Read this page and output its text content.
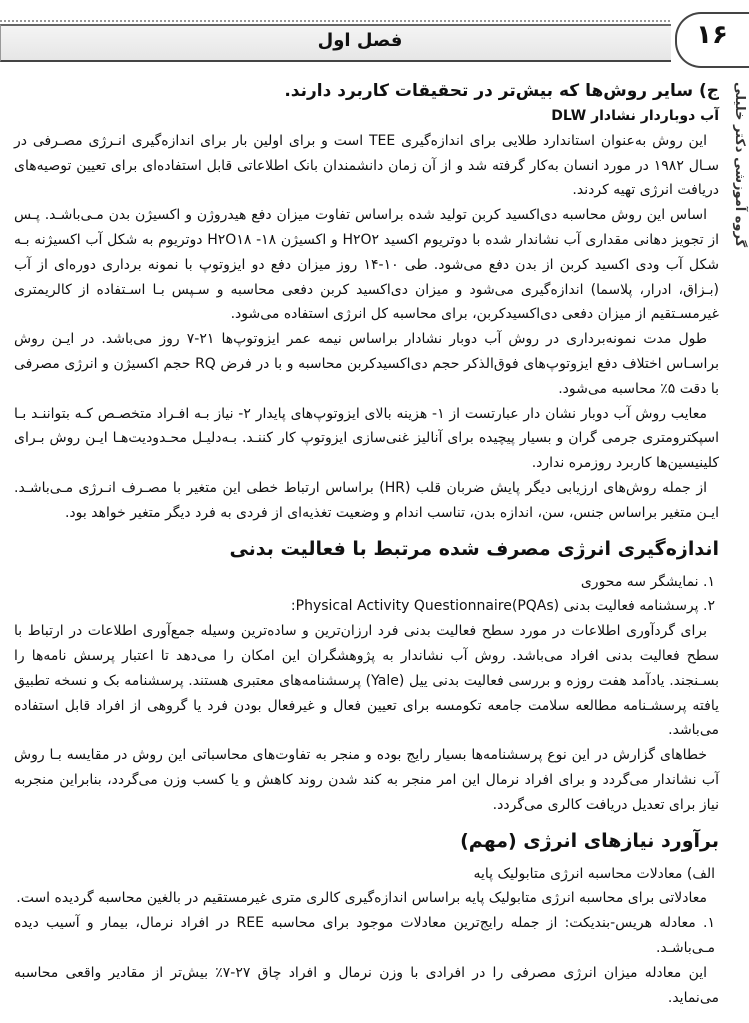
فصل اول	۱۶
گروه آموزشی دکتر خلیلی
ج) سایر روش‌ها که بیش‌تر در تحقیقات کاربرد دارند.
آب دوبار‌دار نشادار DLW

این روش به‌عنوان استاندارد طلایی برای اندازه‌گیری TEE است و برای اولین بار برای اندازه‌گیری انـرژی مصـرفی در سـال ۱۹۸۲ در مورد انسان به‌کار گرفته شد و از آن زمان دانشمندان بانک اطلاعاتی قابل استفاده‌ای برای تعیین توصیه‌های دریافت انرژی تهیه کردند.

اساس این روش محاسبه دی‌اکسید کربن تولید شده براساس تفاوت میزان دفع هیدروژن و اکسیژن بدن مـی‌باشـد. پـس از تجویز دهانی مقداری آب نشاندار شده با دوتریوم اکسید H۲O۲ و اکسیژن ۱۸- H۲O۱۸ دوتریوم به شکل آب اکسیژنه بـه شکل آب ودی اکسید کربن از بدن دفع می‌شود. طی ۱۰-۱۴ روز میزان دفع دو ایزوتوپ با نمونه برداری دوره‌ای از آب (بـزاق، ادرار، پلاسما) اندازه‌گیری می‌شود و میزان دی‌اکسید کربن دفعی محاسبه و سـپس بـا اسـتفاده از کالریمتری غیرمسـتقیم از میزان دفعی دی‌اکسیدکربن، برای محاسبه کل انرژی استفاده می‌شود.

طول مدت نمونه‌برداری در روش آب دوبار نشادار براساس نیمه عمر ایزوتوپ‌ها ۲۱-۷ روز می‌باشد. در ایـن روش براسـاس اختلاف دفع ایزوتوپ‌های فوق‌الذکر حجم دی‌اکسیدکربن محاسبه و با در فرض RQ حجم اکسیژن و انرژی مصرفی با دقت ۵٪ محاسبه می‌شود.

معایب روش آب دوبار نشان دار عبارتست از ۱- هزینه بالای ایزوتوپ‌های پایدار ۲- نیاز بـه افـراد متخصـص کـه بتواننـد بـا اسپکترومتری جرمی گران و بسیار پیچیده برای آنالیز غنی‌سازی ایزوتوپ کار کننـد. بـه‌دلیـل محـدودیت‌هـا ایـن روش بـرای کلینیسین‌ها کاربرد روزمره ندارد.

از جمله روش‌های ارزیابی دیگر پایش ضربان قلب (HR) براساس ارتباط خطی این متغیر با مصـرف انـرژی مـی‌باشـد. ایـن متغیر براساس جنس، سن، اندازه بدن، تناسب اندام و وضعیت تغذیه‌ای از فردی به فرد دیگر متغیر خواهد بود.

اندازه‌گیری انرژی مصرف شده مرتبط با فعالیت بدنی
۱. نمایشگر سه محوری
۲. پرسشنامه فعالیت بدنی Physical Activity Questionnaire(PQAs):

برای گردآوری اطلاعات در مورد سطح فعالیت بدنی فرد ارزان‌ترین و ساده‌ترین وسیله جمع‌آوری اطلاعات در ارتباط با سطح فعالیت بدنی افراد می‌باشد. روش آب نشاندار به پژوهشگران این امکان را می‌دهد تا اعتبار پرسش نامه‌ها را بسـنجند. یادآمد هفت روزه و بررسی فعالیت بدنی ییل (Yale) پرسشنامه‌های معتبری هستند. پرسشنامه بک و نسخه تطبیق یافته پرسشـنامه مطالعه سلامت جامعه تکومسه برای تعیین فعال و غیرفعال بودن فرد یا گروهی از افراد قابل استفاده می‌باشد.

خطاهای گزارش در این نوع پرسشنامه‌ها بسیار رایج بوده و منجر به تفاوت‌های محاسباتی این روش در مقایسه بـا روش آب نشاندار می‌گردد و برای افراد نرمال این امر منجر به کند شدن روند کاهش و یا کسب وزن می‌گردد، بنابراین منجربه نیاز برای تعدیل دریافت کالری می‌گردد.

برآورد نیازهای انرژی (مهم)
الف) معادلات محاسبه انرژی متابولیک پایه

معادلاتی برای محاسبه انرژی متابولیک پایه براساس اندازه‌گیری کالری متری غیرمستقیم در بالغین محاسبه گردیده است.

۱. معادله هریس-بندیکت: از جمله رایج‌ترین معادلات موجود برای محاسبه REE در افراد نرمال، بیمار و آسیب دیده مـی‌باشـد.

این معادله میزان انرژی مصرفی را در افرادی با وزن نرمال و افراد چاق ۲۷-۷٪ بیش‌تر از مقادیر واقعی محاسبه می‌نماید.
